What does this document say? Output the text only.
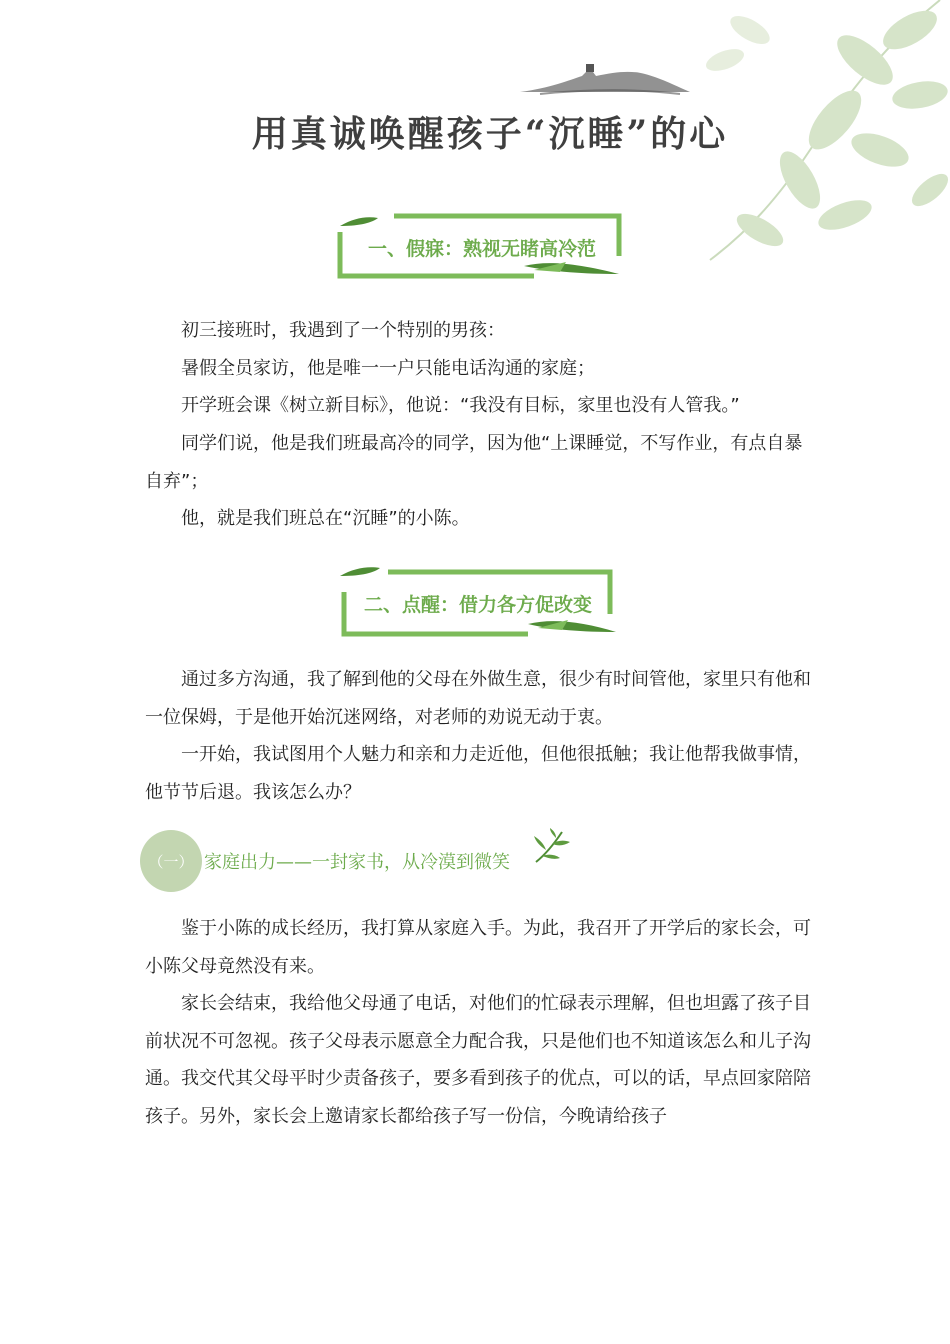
用真诚唤醒孩子“沉睡”的心
一、假寐：熟视无睹高冷范

初三接班时，我遇到了一个特别的男孩：

暑假全员家访，他是唯一一户只能电话沟通的家庭；

开学班会课《树立新目标》，他说：“我没有目标，家里也没有人管我。”

同学们说，他是我们班最高冷的同学，因为他“上课睡觉，不写作业，有点自暴自弃”；

他，就是我们班总在“沉睡”的小陈。

二、点醒：借力各方促改变

通过多方沟通，我了解到他的父母在外做生意，很少有时间管他，家里只有他和一位保姆，于是他开始沉迷网络，对老师的劝说无动于衷。

一开始，我试图用个人魅力和亲和力走近他，但他很抵触；我让他帮我做事情，他节节后退。我该怎么办？

（一） 家庭出力——一封家书，从冷漠到微笑

鉴于小陈的成长经历，我打算从家庭入手。为此，我召开了开学后的家长会，可小陈父母竟然没有来。

家长会结束，我给他父母通了电话，对他们的忙碌表示理解，但也坦露了孩子目前状况不可忽视。孩子父母表示愿意全力配合我，只是他们也不知道该怎么和儿子沟通。我交代其父母平时少责备孩子，要多看到孩子的优点，可以的话，早点回家陪陪孩子。另外，家长会上邀请家长都给孩子写一份信，今晚请给孩子
